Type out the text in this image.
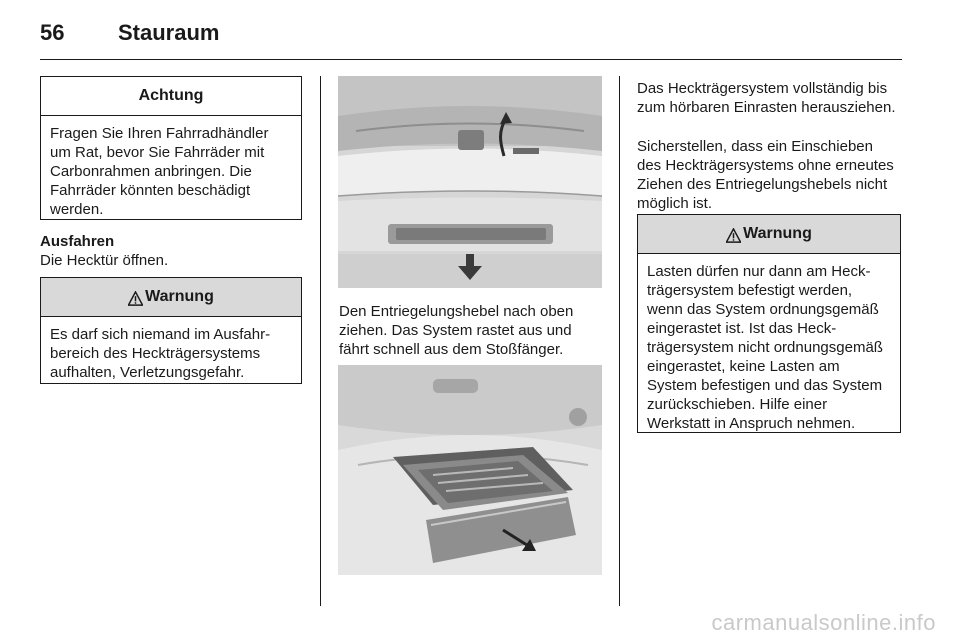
56 Stauraum
Achtung
Fragen Sie Ihren Fahrradhändler um Rat, bevor Sie Fahrräder mit Carbonrahmen anbringen. Die Fahrräder könnten beschädigt werden.
Ausfahren
Die Hecktür öffnen.
Warnung
Es darf sich niemand im Ausfahrbereich des Heckträgersystems aufhalten, Verletzungsgefahr.
Den Entriegelungshebel nach oben ziehen. Das System rastet aus und fährt schnell aus dem Stoßfänger.
Das Heckträgersystem vollständig bis zum hörbaren Einrasten herausziehen.
Sicherstellen, dass ein Einschieben des Heckträgersystems ohne erneutes Ziehen des Entriegelungshebels nicht möglich ist.
Warnung
Lasten dürfen nur dann am Heckträgersystem befestigt werden, wenn das System ordnungsgemäß eingerastet ist. Ist das Heckträgersystem nicht ordnungsgemäß eingerastet, keine Lasten am System befestigen und das System zurückschieben. Hilfe einer Werkstatt in Anspruch nehmen.
carmanualsonline.info
